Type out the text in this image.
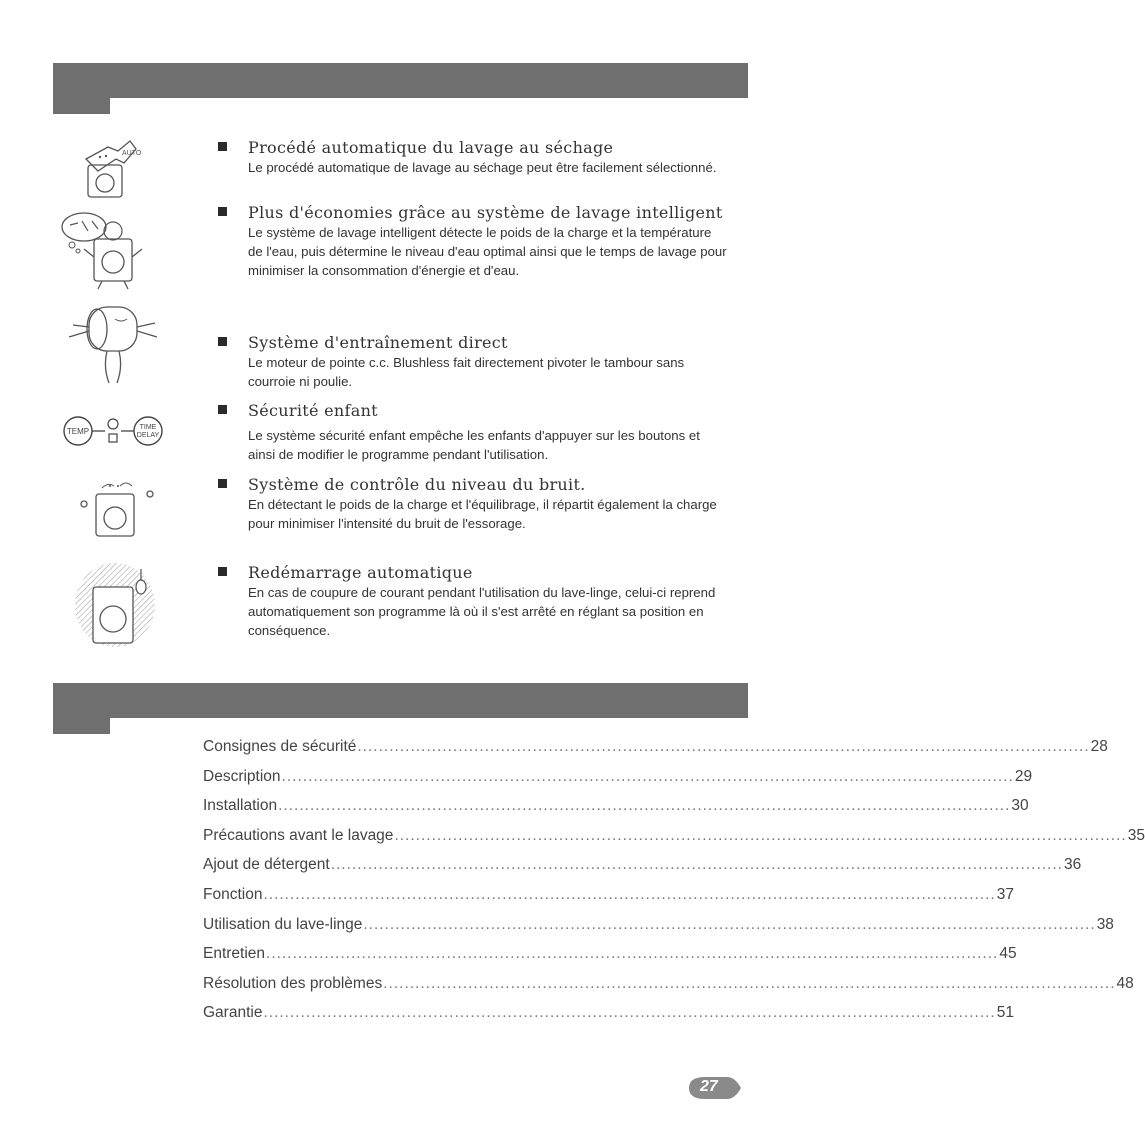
AUTO
TEMP	TIME
DELAY
Procédé automatique du lavage au séchage
Le procédé automatique de lavage au séchage peut être facilement sélectionné.
Plus d'économies grâce au système de lavage intelligent
Le système de lavage intelligent détecte le poids de la charge et la température de l'eau, puis détermine le niveau d'eau optimal ainsi que le temps de lavage pour minimiser la consommation d'énergie et d'eau.
Système d'entraînement direct
Le moteur de pointe c.c. Blushless fait directement pivoter le tambour sans courroie ni poulie.
Sécurité enfant
Le système sécurité enfant empêche les enfants d'appuyer sur les boutons et ainsi de modifier le programme pendant l'utilisation.
Système de contrôle du niveau du bruit.
En détectant le poids de la charge et l'équilibrage, il répartit également la charge pour minimiser l'intensité du bruit de l'essorage.
Redémarrage automatique
En cas de coupure de courant pendant l'utilisation du lave-linge, celui-ci reprend automatiquement son programme là où il s'est arrêté en réglant sa position en conséquence.
Consignes de sécurité .......................................................................................................................................... 28
Description .......................................................................................................................................... 29
Installation .......................................................................................................................................... 30
Précautions avant le lavage .......................................................................................................................................... 35
Ajout de détergent .......................................................................................................................................... 36
Fonction .......................................................................................................................................... 37
Utilisation du lave-linge .......................................................................................................................................... 38
Entretien .......................................................................................................................................... 45
Résolution des problèmes .......................................................................................................................................... 48
Garantie .......................................................................................................................................... 51
27
